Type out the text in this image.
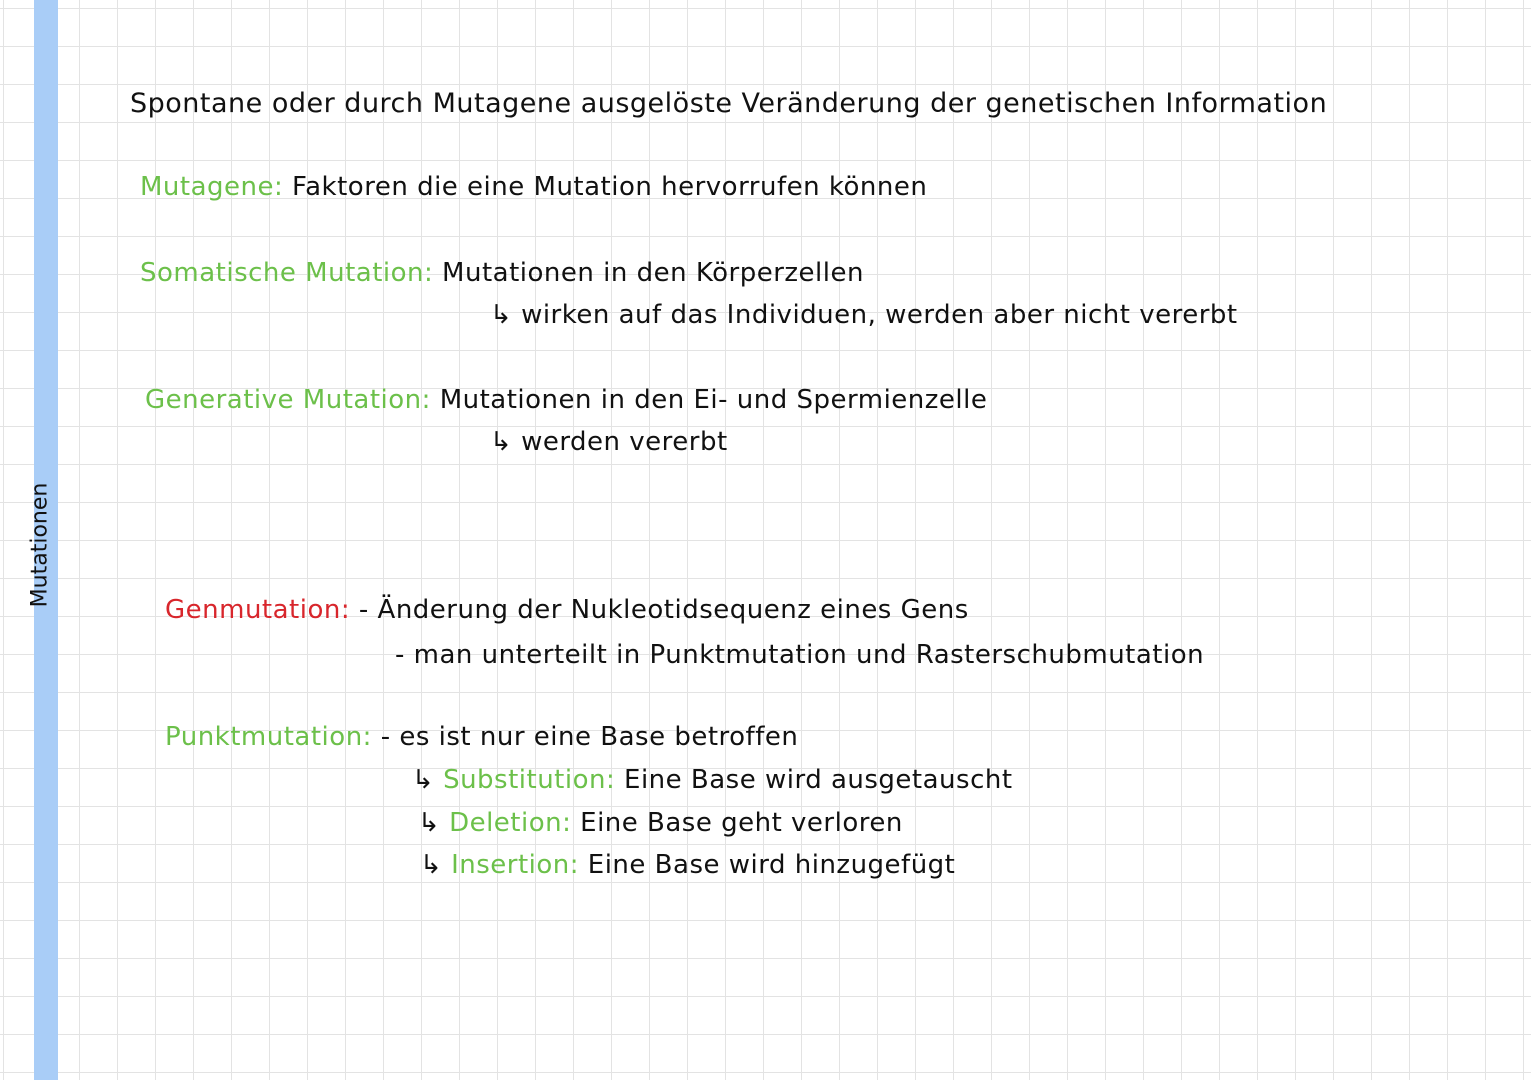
Mutationen
Spontane oder durch Mutagene ausgelöste Veränderung der genetischen Information
Mutagene: Faktoren die eine Mutation hervorrufen können
Somatische Mutation: Mutationen in den Körperzellen
↳ wirken auf das Individuen, werden aber nicht vererbt
Generative Mutation: Mutationen in den Ei- und Spermienzelle
↳ werden vererbt
Genmutation: - Änderung der Nukleotidsequenz eines Gens
- man unterteilt in Punktmutation und Rasterschubmutation
Punktmutation: - es ist nur eine Base betroffen
↳ Substitution: Eine Base wird ausgetauscht
↳ Deletion: Eine Base geht verloren
↳ Insertion: Eine Base wird hinzugefügt
